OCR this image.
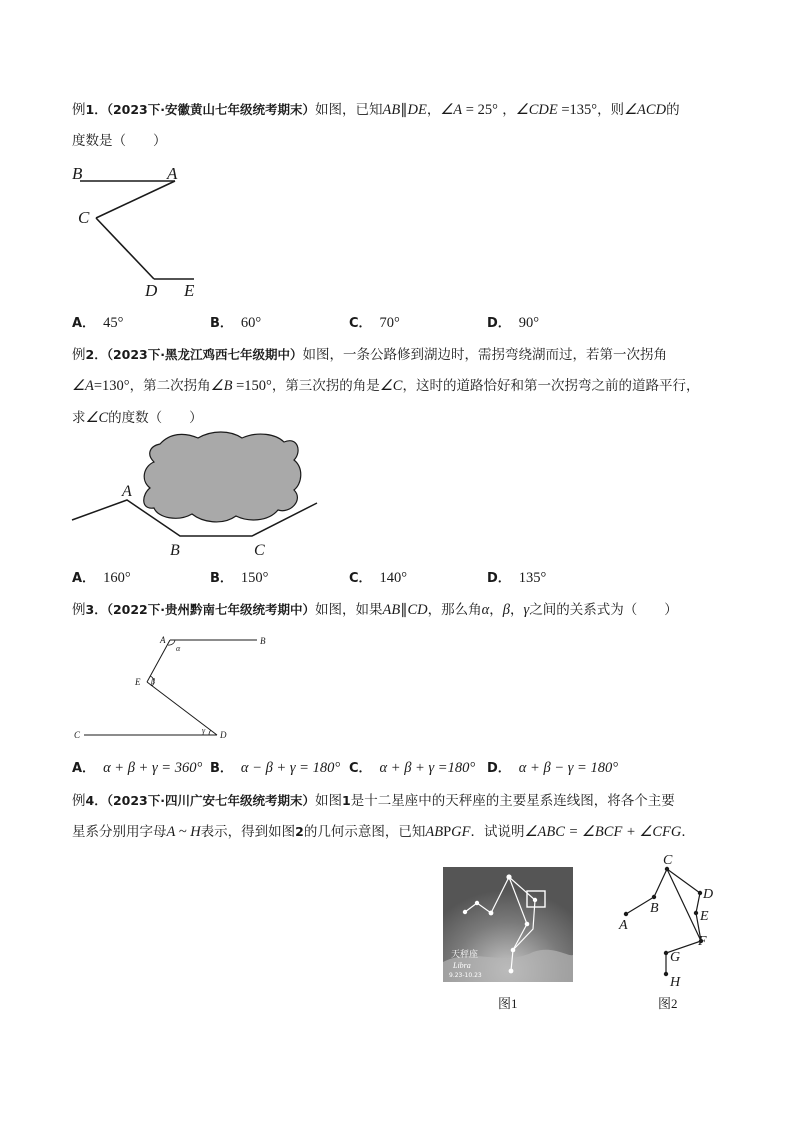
例1．（2023下·安徽黄山七年级统考期末）如图，已知AB∥DE，∠A = 25° ，∠CDE =135°，则∠ACD的
度数是（　　）
B	A
C
D E
A． 45°	B． 60°	C． 70°	D． 90°
例2．（2023下·黑龙江鸡西七年级期中）如图，一条公路修到湖边时，需拐弯绕湖而过，若第一次拐角
∠A=130°，第二次拐角∠B =150°，第三次拐的角是∠C，这时的道路恰好和第一次拐弯之前的道路平行，
求∠C的度数（　　）
A
B	C
A． 160°	B． 150°	C． 140°	D． 135°
例3．（2022下·贵州黔南七年级统考期中）如图，如果AB∥CD，那么角α，β，γ之间的关系式为（　　）
A	B
α
E β
C	γ D
A． α + β + γ = 360° B． α − β + γ = 180° C． α + β + γ =180° D． α + β − γ = 180°
例4．（2023下·四川广安七年级统考期末）如图1是十二星座中的天秤座的主要星系连线图，将各个主要
星系分别用字母A ~ H表示，得到如图2的几何示意图，已知ABPGF．试说明∠ABC = ∠BCF + ∠CFG．
天秤座
Libra
9.23-10.23
图1
C
D
B
E
A
F
G
H
图2
